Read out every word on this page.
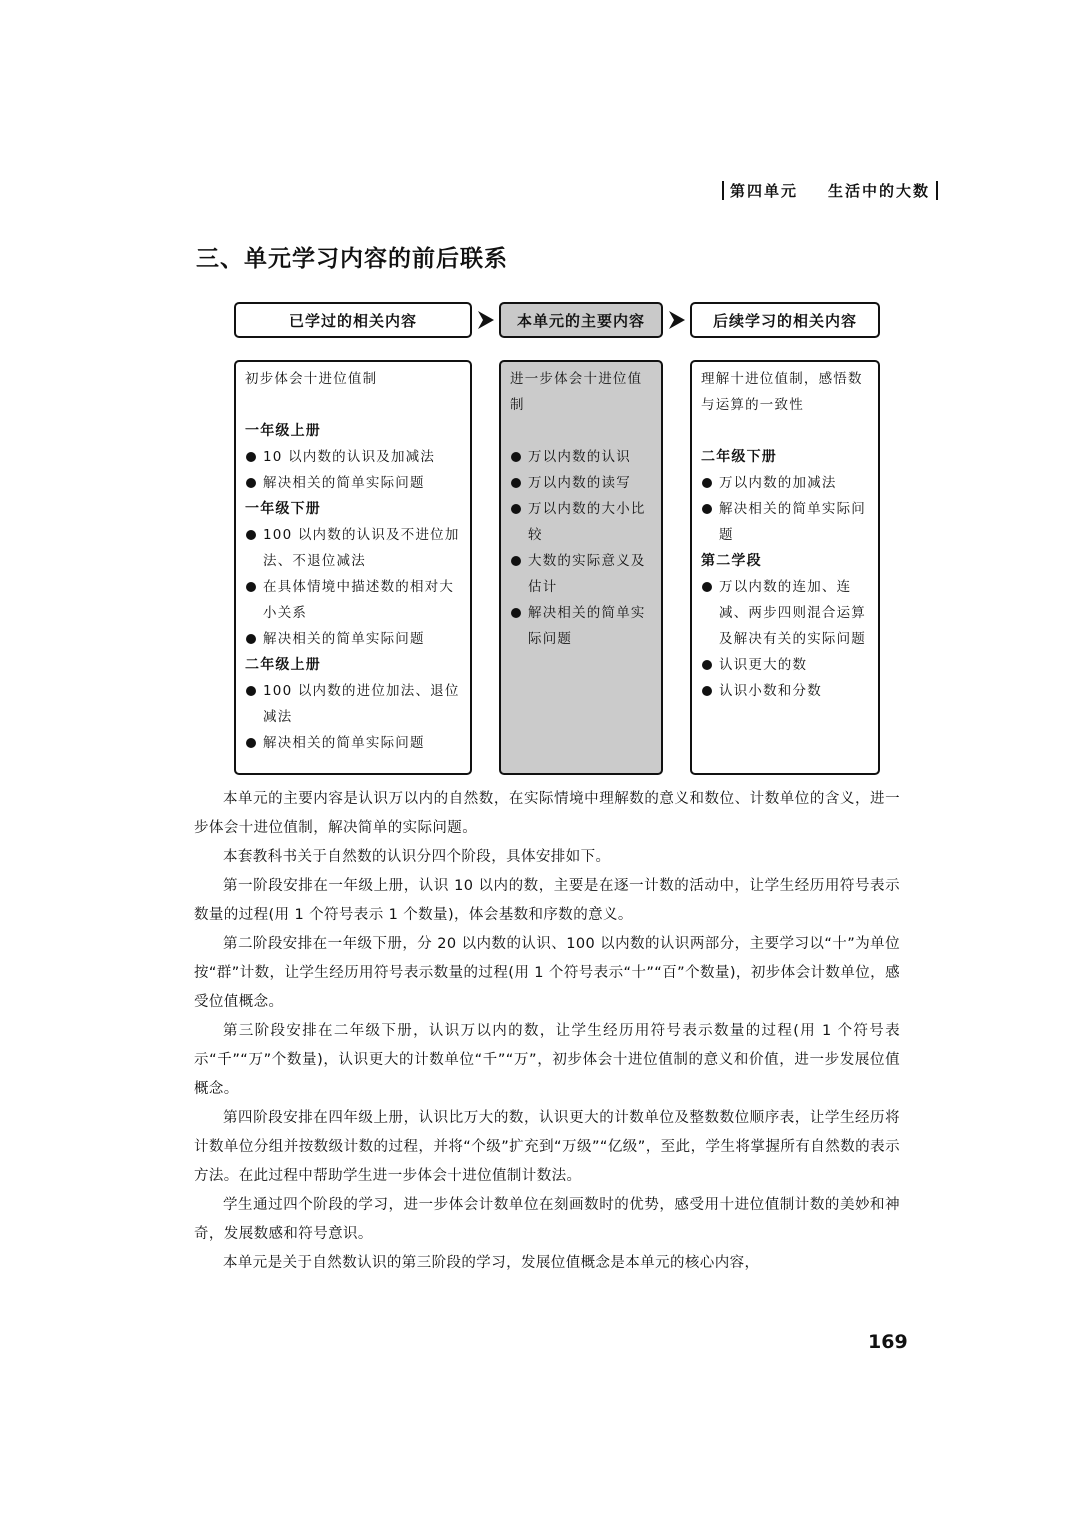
第四单元 生活中的大数
三、单元学习内容的前后联系
已学过的相关内容	本单元的主要内容	后续学习的相关内容
初步体会十进位值制
一年级上册
10 以内数的认识及加减法
解决相关的简单实际问题
一年级下册
100 以内数的认识及不进位加法、不退位减法
在具体情境中描述数的相对大小关系
解决相关的简单实际问题
二年级上册
100 以内数的进位加法、退位减法
解决相关的简单实际问题
进一步体会十进位值制
万以内数的认识
万以内数的读写
万以内数的大小比较
大数的实际意义及估计
解决相关的简单实际问题
理解十进位值制，感悟数与运算的一致性
二年级下册
万以内数的加减法
解决相关的简单实际问题
第二学段
万以内数的连加、连减、两步四则混合运算及解决有关的实际问题
认识更大的数
认识小数和分数

本单元的主要内容是认识万以内的自然数，在实际情境中理解数的意义和数位、计数单位的含义，进一步体会十进位值制，解决简单的实际问题。

本套教科书关于自然数的认识分四个阶段，具体安排如下。

第一阶段安排在一年级上册，认识 10 以内的数，主要是在逐一计数的活动中，让学生经历用符号表示数量的过程(用 1 个符号表示 1 个数量)，体会基数和序数的意义。

第二阶段安排在一年级下册，分 20 以内数的认识、100 以内数的认识两部分，主要学习以“十”为单位按“群”计数，让学生经历用符号表示数量的过程(用 1 个符号表示“十”“百”个数量)，初步体会计数单位，感受位值概念。

第三阶段安排在二年级下册，认识万以内的数，让学生经历用符号表示数量的过程(用 1 个符号表示“千”“万”个数量)，认识更大的计数单位“千”“万”，初步体会十进位值制的意义和价值，进一步发展位值概念。

第四阶段安排在四年级上册，认识比万大的数，认识更大的计数单位及整数数位顺序表，让学生经历将计数单位分组并按数级计数的过程，并将“个级”扩充到“万级”“亿级”，至此，学生将掌握所有自然数的表示方法。在此过程中帮助学生进一步体会十进位值制计数法。

学生通过四个阶段的学习，进一步体会计数单位在刻画数时的优势，感受用十进位值制计数的美妙和神奇，发展数感和符号意识。

本单元是关于自然数认识的第三阶段的学习，发展位值概念是本单元的核心内容，

169
